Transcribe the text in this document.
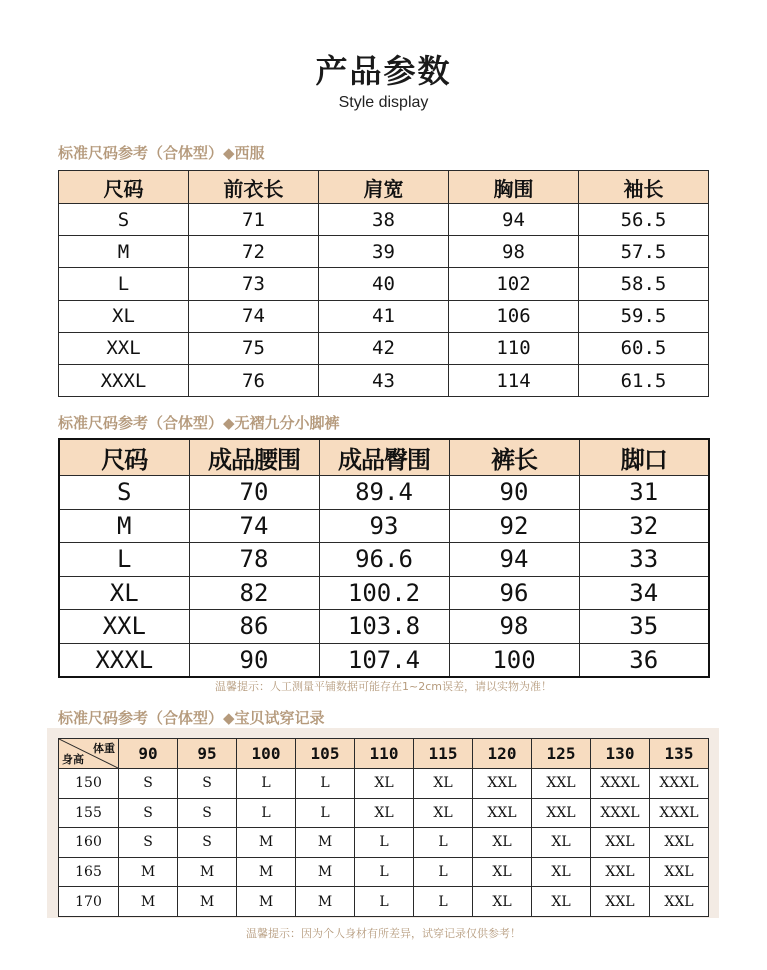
产品参数
Style display
标准尺码参考（合体型）◆西服
尺码	前衣长	肩宽	胸围	袖长
S	71	38	94	56.5
M	72	39	98	57.5
L	73	40	102	58.5
XL	74	41	106	59.5
XXL	75	42	110	60.5
XXXL	76	43	114	61.5
标准尺码参考（合体型）◆无褶九分小脚裤
尺码	成品腰围	成品臀围	裤长	脚口
S	70	89.4	90	31
M	74	93	92	32
L	78	96.6	94	33
XL	82	100.2	96	34
XXL	86	103.8	98	35
XXXL	90	107.4	100	36
温馨提示：人工测量平铺数据可能存在1~2cm误差，请以实物为准！
标准尺码参考（合体型）◆宝贝试穿记录
体重
身高	90	95	100	105	110	115	120	125	130	135
150	S	S	L	L	XL	XL	XXL	XXL	XXXL	XXXL
155	S	S	L	L	XL	XL	XXL	XXL	XXXL	XXXL
160	S	S	M	M	L	L	XL	XL	XXL	XXL
165	M	M	M	M	L	L	XL	XL	XXL	XXL
170	M	M	M	M	L	L	XL	XL	XXL	XXL
温馨提示：因为个人身材有所差异，试穿记录仅供参考！
